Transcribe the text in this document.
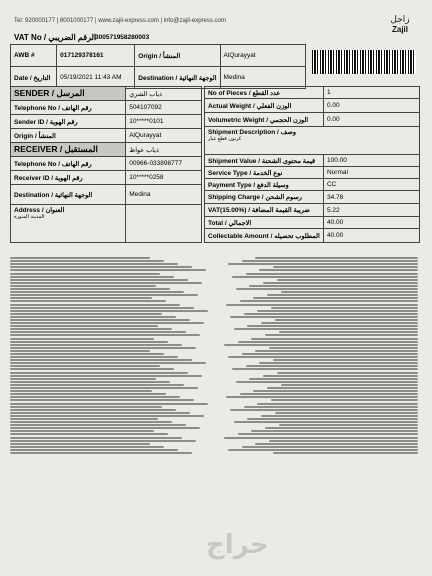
Tel: 920000177 | 8001000177 | www.zajil-express.com | info@zajil-express.com	زاجل
Zajil
VAT No / الرقم الضريبي
300571958280003
AWB #	017129378161	Origin / المنشأ	AlQurayyat
Date / التاريخ	05/19/2021 11:43 AM	Destination / الوجهة النهائية	Medina
SENDER / المرسل	ذياب الشري
Telephone No / رقم الهاتف	504107092
Sender ID / رقم الهوية	10*****0101
Origin / المنشأ	AlQurayyat
RECEIVER / المستقبل	ذياب عواظ
Telephone No / رقم الهاتف	00966-033898777
Receiver ID / رقم الهوية	10*****0258
Destination / الوجهة النهائية	Medina

Address / العنوان
المدينة المنورة	

No of Pieces / عدد القطع	1
Actual Weight / الوزن الفعلي	0.00
Volumetric Weight / الوزن الحجمي	0.00

Shipment Description / وصف
كرتون قطع غيار	

Shipment Value / قيمة محتوى الشحنة	100.00
Service Type / نوع الخدمة	Normal
Payment Type / وسيلة الدفع	CC
Shipping Charge / رسوم الشحن	34.78
VAT(15.00%) / ضريبة القيمة المضافة	5.22
Total / الاجمالي	40.00
Collectable Amount / المطلوب تحصيله	40.00
حراج
